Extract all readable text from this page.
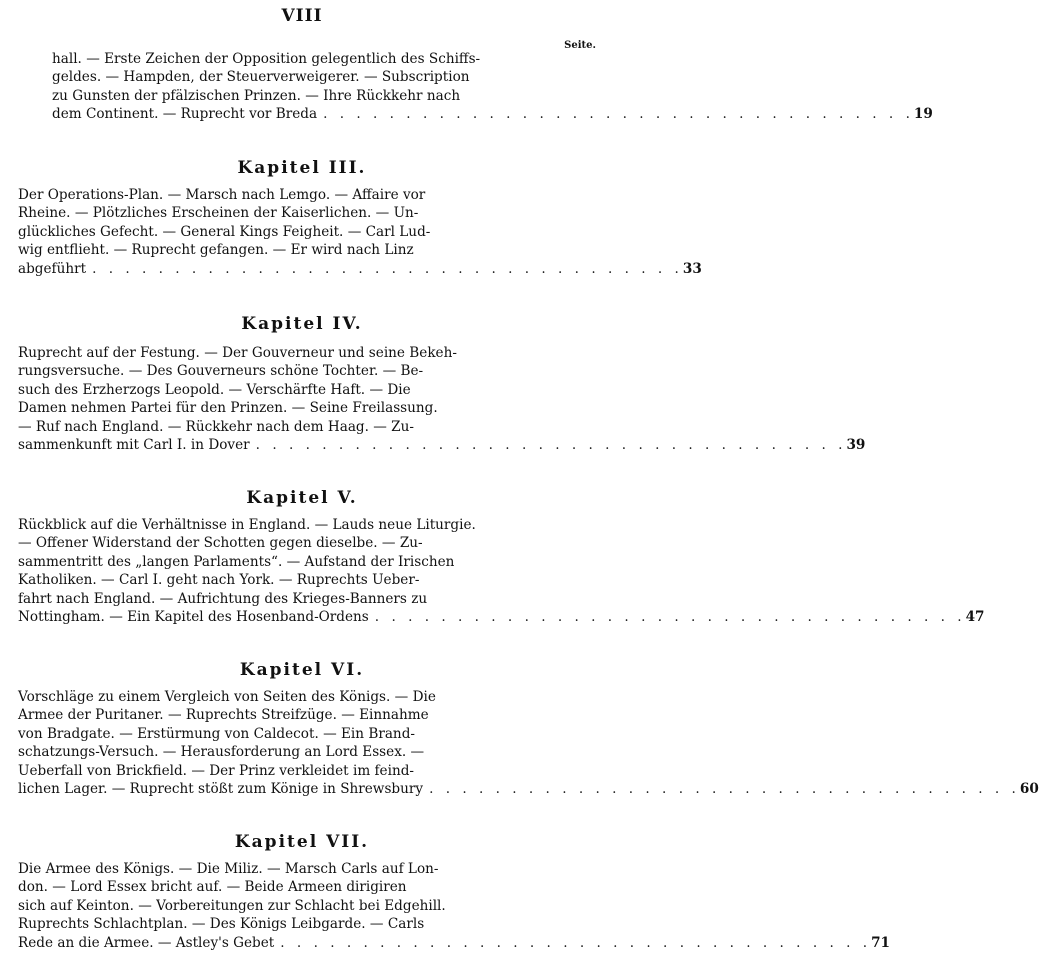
VIII
Seite.
hall. — Erste Zeichen der Opposition gelegentlich des Schiffs-
geldes. — Hampden, der Steuerverweigerer. — Subscription
zu Gunsten der pfälzischen Prinzen. — Ihre Rückkehr nach
dem Continent. — Ruprecht vor Breda . . . . . . . . . . . . . . . . . . . . . . . . . . . . . . . . . . . . 19
Kapitel III.
Der Operations-Plan. — Marsch nach Lemgo. — Affaire vor
Rheine. — Plötzliches Erscheinen der Kaiserlichen. — Un-
glückliches Gefecht. — General Kings Feigheit. — Carl Lud-
wig entflieht. — Ruprecht gefangen. — Er wird nach Linz
abgeführt . . . . . . . . . . . . . . . . . . . . . . . . . . . . . . . . . . . . 33
Kapitel IV.
Ruprecht auf der Festung. — Der Gouverneur und seine Bekeh-
rungsversuche. — Des Gouverneurs schöne Tochter. — Be-
such des Erzherzogs Leopold. — Verschärfte Haft. — Die
Damen nehmen Partei für den Prinzen. — Seine Freilassung.
— Ruf nach England. — Rückkehr nach dem Haag. — Zu-
sammenkunft mit Carl I. in Dover . . . . . . . . . . . . . . . . . . . . . . . . . . . . . . . . . . . . 39
Kapitel V.
Rückblick auf die Verhältnisse in England. — Lauds neue Liturgie.
— Offener Widerstand der Schotten gegen dieselbe. — Zu-
sammentritt des „langen Parlaments“. — Aufstand der Irischen
Katholiken. — Carl I. geht nach York. — Ruprechts Ueber-
fahrt nach England. — Aufrichtung des Krieges-Banners zu
Nottingham. — Ein Kapitel des Hosenband-Ordens . . . . . . . . . . . . . . . . . . . . . . . . . . . . . . . . . . . . 47
Kapitel VI.
Vorschläge zu einem Vergleich von Seiten des Königs. — Die
Armee der Puritaner. — Ruprechts Streifzüge. — Einnahme
von Bradgate. — Erstürmung von Caldecot. — Ein Brand-
schatzungs-Versuch. — Herausforderung an Lord Essex. —
Ueberfall von Brickfield. — Der Prinz verkleidet im feind-
lichen Lager. — Ruprecht stößt zum Könige in Shrewsbury . . . . . . . . . . . . . . . . . . . . . . . . . . . . . . . . . . . . 60
Kapitel VII.
Die Armee des Königs. — Die Miliz. — Marsch Carls auf Lon-
don. — Lord Essex bricht auf. — Beide Armeen dirigiren
sich auf Keinton. — Vorbereitungen zur Schlacht bei Edgehill.
Ruprechts Schlachtplan. — Des Königs Leibgarde. — Carls
Rede an die Armee. — Astley's Gebet . . . . . . . . . . . . . . . . . . . . . . . . . . . . . . . . . . . . 71
